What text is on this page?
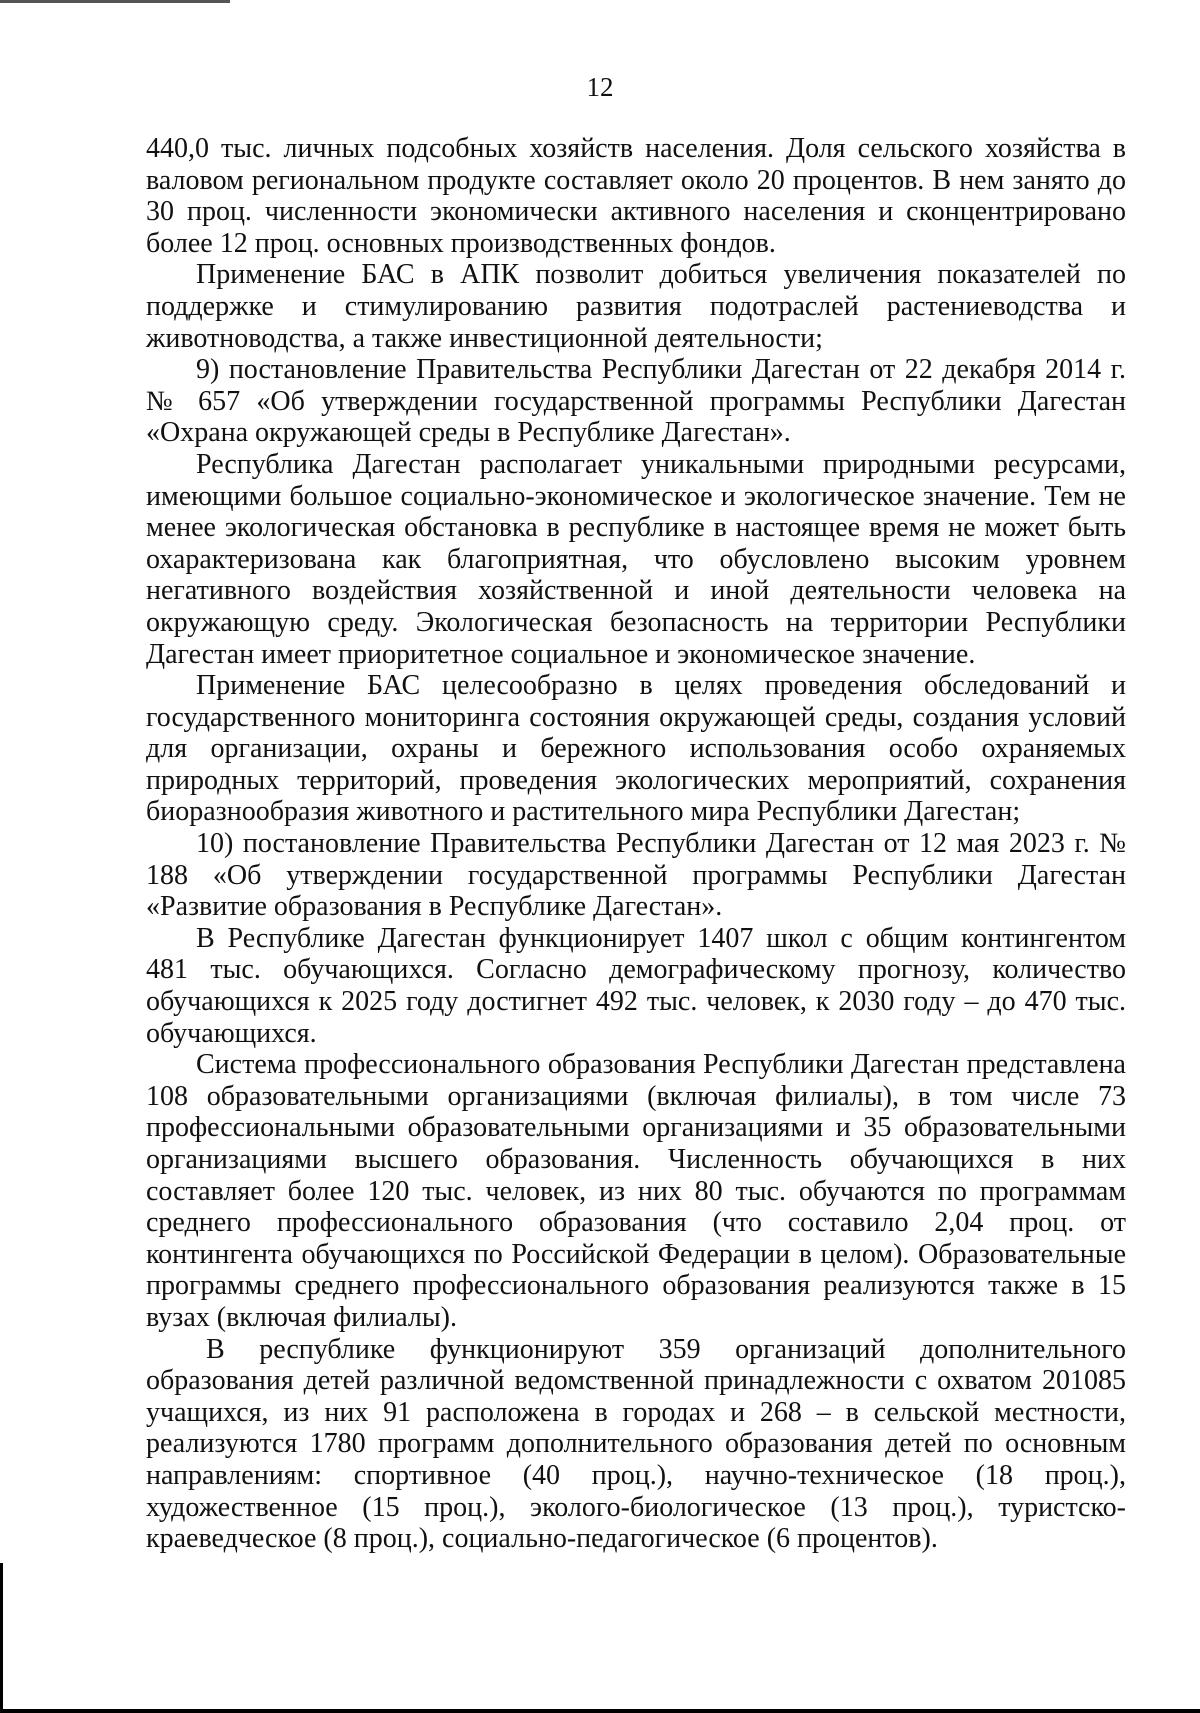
12

440,0 тыс. личных подсобных хозяйств населения. Доля сельского хозяйства в валовом региональном продукте составляет около 20 процентов. В нем занято до 30 проц. численности экономически активного населения и сконцентрировано более 12 проц. основных производственных фондов.

Применение БАС в АПК позволит добиться увеличения показателей по поддержке и стимулированию развития подотраслей растениеводства и животноводства, а также инвестиционной деятельности;

9) постановление Правительства Республики Дагестан от 22 декабря 2014 г. № 657 «Об утверждении государственной программы Республики Дагестан «Охрана окружающей среды в Республике Дагестан».

Республика Дагестан располагает уникальными природными ресурсами, имеющими большое социально-экономическое и экологическое значение. Тем не менее экологическая обстановка в республике в настоящее время не может быть охарактеризована как благоприятная, что обусловлено высоким уровнем негативного воздействия хозяйственной и иной деятельности человека на окружающую среду. Экологическая безопасность на территории Республики Дагестан имеет приоритетное социальное и экономическое значение.

Применение БАС целесообразно в целях проведения обследований и государственного мониторинга состояния окружающей среды, создания условий для организации, охраны и бережного использования особо охраняемых природных территорий, проведения экологических мероприятий, сохранения биоразнообразия животного и растительного мира Республики Дагестан;

10) постановление Правительства Республики Дагестан от 12 мая 2023 г. № 188 «Об утверждении государственной программы Республики Дагестан «Развитие образования в Республике Дагестан».

В Республике Дагестан функционирует 1407 школ с общим контингентом 481 тыс. обучающихся. Согласно демографическому прогнозу, количество обучающихся к 2025 году достигнет 492 тыс. человек, к 2030 году – до 470 тыс. обучающихся.

Система профессионального образования Республики Дагестан представлена 108 образовательными организациями (включая филиалы), в том числе 73 профессиональными образовательными организациями и 35 образовательными организациями высшего образования. Численность обучающихся в них составляет более 120 тыс. человек, из них 80 тыс. обучаются по программам среднего профессионального образования (что составило 2,04 проц. от контингента обучающихся по Российской Федерации в целом). Образовательные программы среднего профессионального образования реализуются также в 15 вузах (включая филиалы).

В республике функционируют 359 организаций дополнительного образования детей различной ведомственной принадлежности с охватом 201085 учащихся, из них 91 расположена в городах и 268 – в сельской местности, реализуются 1780 программ дополнительного образования детей по основным направлениям: спортивное (40 проц.), научно-техническое (18 проц.), художественное (15 проц.), эколого-биологическое (13 проц.), туристско-краеведческое (8 проц.), социально-педагогическое (6 процентов).
